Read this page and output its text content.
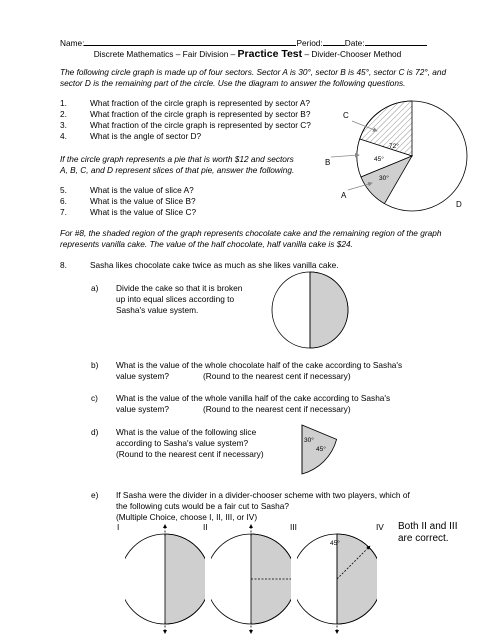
Name:	Period:	Date:
Discrete Mathematics – Fair Division – Practice Test – Divider-Chooser Method
The following circle graph is made up of four sectors. Sector A is 30°, sector B is 45°, sector C is 72°, and
sector D is the remaining part of the circle. Use the diagram to answer the following questions.
1.	What fraction of the circle graph is represented by sector A?
2.	What fraction of the circle graph is represented by sector B?
3.	What fraction of the circle graph is represented by sector C?
4.	What is the angle of sector D?
If the circle graph represents a pie that is worth $12 and sectors
A, B, C, and D represent slices of that pie, answer the following.
5.	What is the value of slice A?
6.	What is the value of Slice B?
7.	What is the value of Slice C?
C
B
A
D
72°
45°
30°
For #8, the shaded region of the graph represents chocolate cake and the remaining region of the graph
represents vanilla cake. The value of the half chocolate, half vanilla cake is $24.
8.	Sasha likes chocolate cake twice as much as she likes vanilla cake.
a) Divide the cake so that it is broken
up into equal slices according to
Sasha's value system.
b) What is the value of the whole chocolate half of the cake according to Sasha's
value system?	(Round to the nearest cent if necessary)
c) What is the value of the whole vanilla half of the cake according to Sasha's
value system?	(Round to the nearest cent if necessary)
d) What is the value of the following slice
according to Sasha's value system?
(Round to the nearest cent if necessary)
30°
45°
e) If Sasha were the divider in a divider-chooser scheme with two players, which of
the following cuts would be a fair cut to Sasha?
(Multiple Choice, choose I, II, III, or IV)
I	II	III	IV Both II and III
are correct.
45°
